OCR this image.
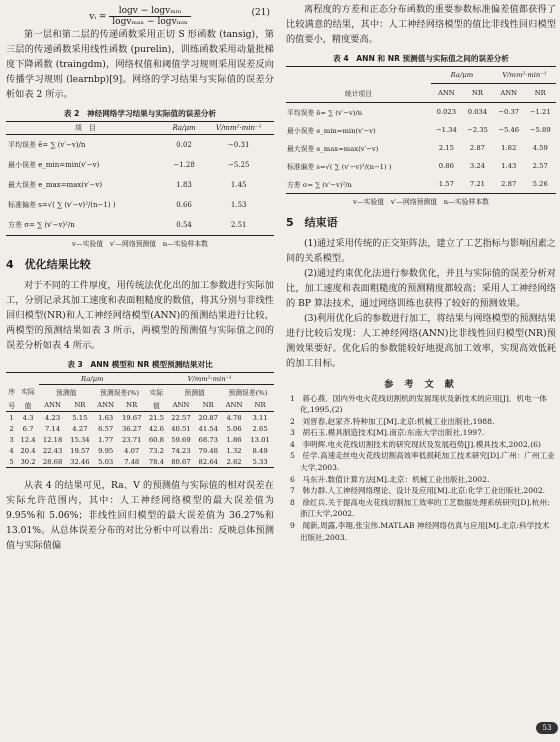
vᵢ =
logv − logvₘᵢₙ
logvₘₐₓ − logvₘᵢₙ
(21)

第一层和第二层的传递函数采用正切 S 形函数 (tansig)，第三层的传递函数采用线性函数 (purelin)，训练函数采用动量批梯度下降函数 (traingdm)，网络权值和阈值学习规则采用误差反向传播学习规则 (learnbp)[9]。网络的学习结果与实际值的误差分析如表 2 所示。

表 2　神经网络学习结果与实际值的误差分析
项　目	Ra/μm	V/mm²·min⁻¹
平均误差 ē= ∑ (v′−v)/n	0.02	−0.31
最小误差 e_min=min(v′−v)	−1.28	−5.25
最大误差 e_max=max(v′−v)	1.83	1.45
标准偏差 s=√( ∑ (v′−v)²/(n−1) )	0.66	1.53
方差 σ= ∑ (v′−v)²/n	0.54	2.51
v—实验值　v′—网络预测值　n—实验样本数
4　优化结果比较

对于不同的工件厚度，用传统法优化出的加工参数进行实际加工，分别记录其加工速度和表面粗糙度的数值，将其分别与非线性回归模型(NR)和人工神经网络模型(ANN)的预测结果进行比较，两模型的预测结果如表 3 所示，两模型的预测值与实际值之间的误差分析如表 4 所示。

表 3　ANN 模型和 NR 模型预测结果对比
		Ra/μm				V/mm²·min⁻¹				
序	实际	预测值		预测误差(%)		实际	预测值		预测误差(%)	
号	值	ANN	NR	ANN	NR	值	ANN	NR	ANN	NR
1	4.3	4.23	5.15	1.63	19.67	21.5	22.57	20.87	4.78	3.11
2	6.7	7.14	4.27	6.57	36.27	42.6	40.51	41.54	5.06	2.65
3	12.4	12.18	15.34	1.77	23.71	60.8	59.69	68.73	1.86	13.01
4	20.4	22.43	19.57	9.95	4.07	73.2	74.23	79.48	1.32	8.49
5	30.2	28.68	32.46	5.03	7.48	78.4	80.67	82.64	2.82	5.33

从表 4 的结果可见，Ra、V 的预测值与实际值的相对误差在实际允许范围内，其中：人工神经网络模型的最大误差值为 9.95%和 5.06%；非线性回归模型的最大误差值为 36.27%和 13.01%。从总体误差分布的对比分析中可以看出：反映总体预测值与实际值偏

离程度的方差和正态分布函数的重要参数标准偏差值都获得了比较满意的结果，其中：人工神经网络模型的值比非线性回归模型的值要小，精度要高。

表 4　ANN 和 NR 预测值与实际值之间的误差分析
	Ra/μm		V/mm²·min⁻¹	
统计项目	ANN	NR	ANN	NR
平均误差 ē= ∑ (v′−v)/n	0.023	0.034	−0.37	−1.21
最小误差 e_min=min(v′−v)	−1.34	−2.35	−5.46	−5.89
最大误差 e_max=max(v′−v)	2.15	2.87	1.82	4.59
标准偏差 s=√( ∑ (v′−v)²/(n−1) )	0.86	3.24	1.43	2.57
方差 σ= ∑ (v′−v)²/n	1.57	7.21	2.87	5.26
v—实验值　v′—网络预测值　n—实验样本数
5　结束语

(1)通过采用传统的正交矩阵法，建立了工艺指标与影响因素之间的关系模型。

(2)通过约束优化法进行参数优化，并且与实际值的误差分析对比，加工速度和表面粗糙度的预测精度都较高；采用人工神经网络的 BP 算法技术，通过网络训练也获得了较好的预测效果。

(3)利用优化后的参数进行加工，将结果与网络模型的预测结果进行比较后发现：人工神经网络(ANN)比非线性回归模型(NR)预测效果要好。优化后的参数能较好地提高加工效率，实现高效低耗的加工目标。

参 考 文 献

1　蒋心燕．国内外电火花线切割机的发展现状及新技术的应用[J]．机电一体化,1995,(2)

2　刘晋春,赵家齐.特种加工[M].北京:机械工业出版社,1988.

3　胡石玉.模具制造技术[M].南京:东南大学出版社,1997.

4　李明辉.电火花线切割技术的研究现状及发展趋势[J].模具技术,2002,(6)

5　任学.高速走丝电火花线切割高效率低损耗加工技术研究[D].广州：广州工业大学,2003.

6　马东升.数值计算方法[M].北京：机械工业出版社,2002.

7　韩力群.人工神经网络理论、设计及应用[M].北京:化学工业出版社,2002.

8　徐红兵.关于提高电火花线切割加工效率的工艺数据处理系统研究[D].杭州:浙江大学,2002.

9　闻新,周露,李翔,张宝伟.MATLAB 神经网络仿真与应用[M].北京:科学技术出版社,2003.

53
